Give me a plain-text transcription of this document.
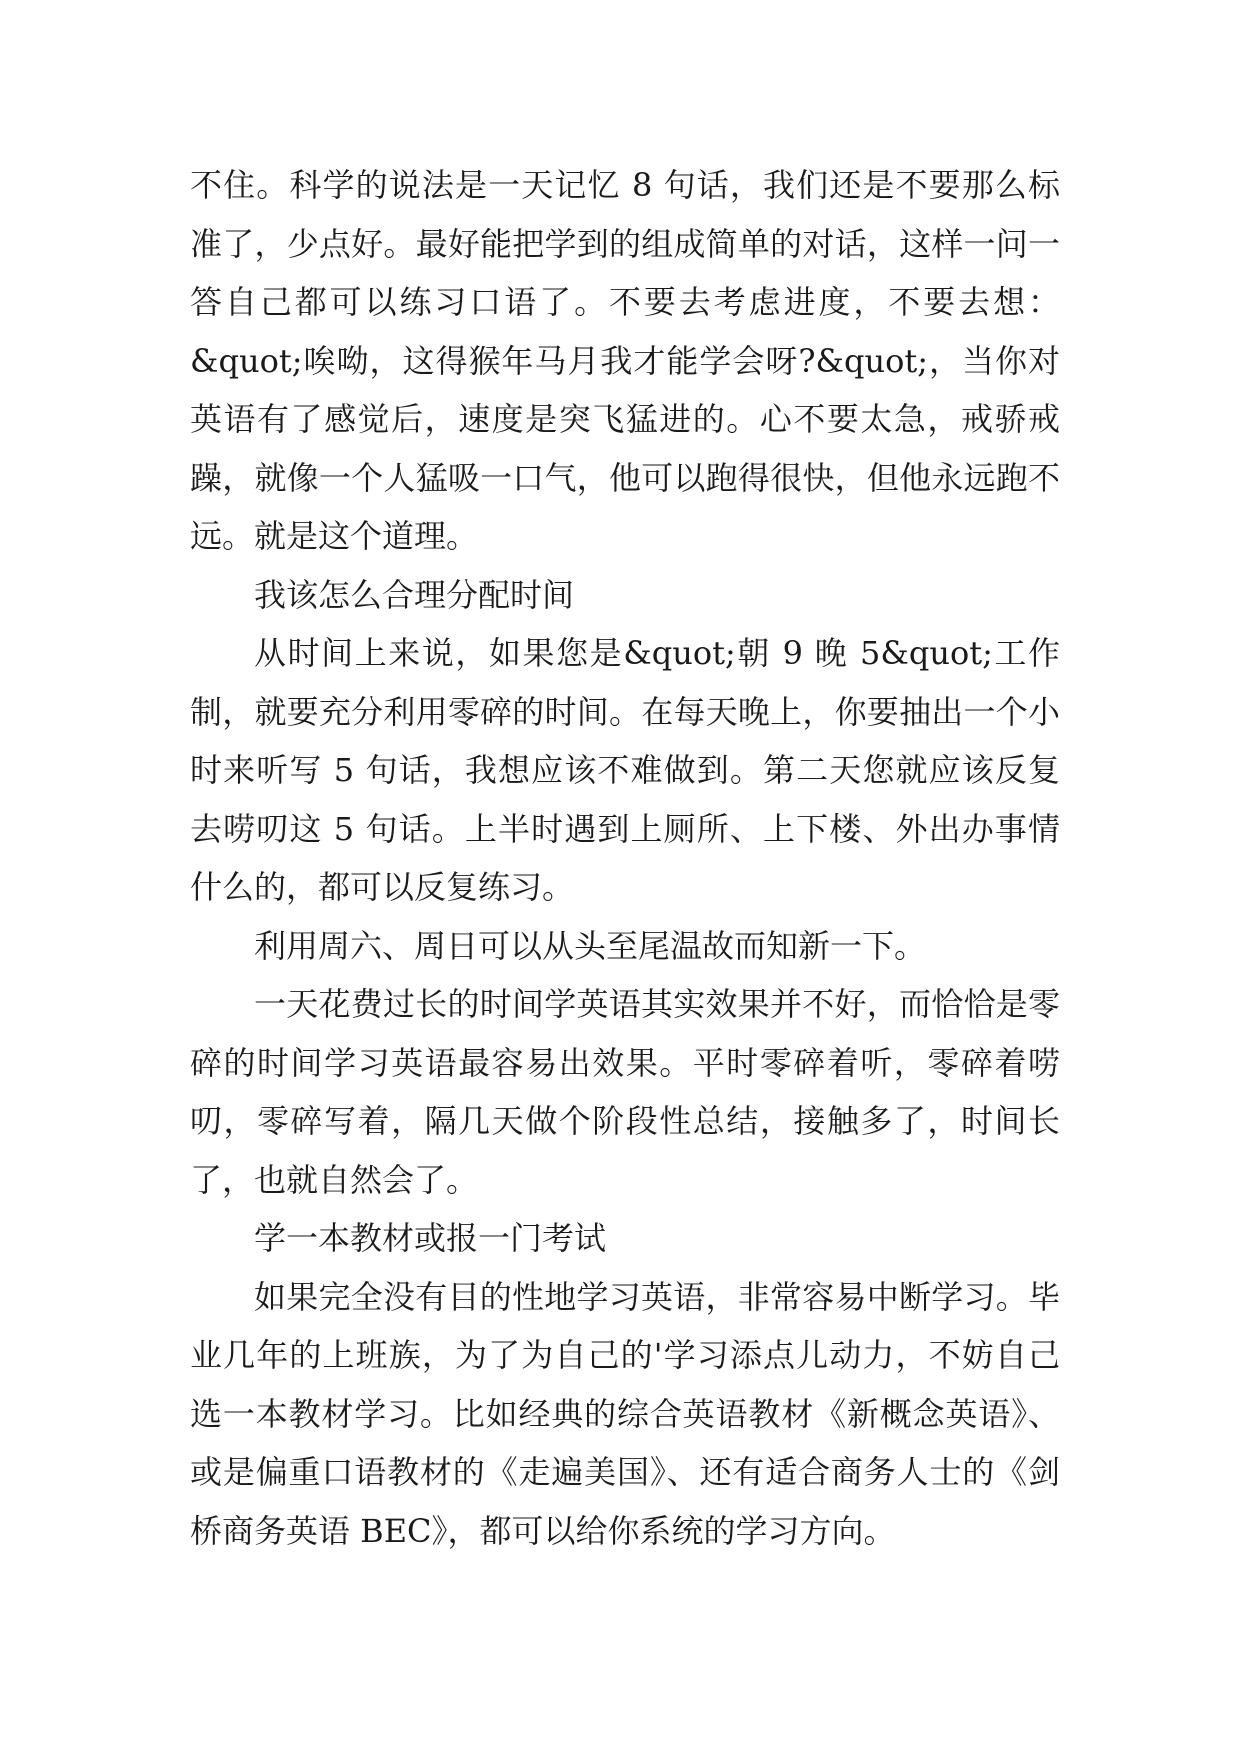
不住。科学的说法是一天记忆 8 句话，我们还是不要那么标准了，少点好。最好能把学到的组成简单的对话，这样一问一答自己都可以练习口语了。不要去考虑进度，不要去想：&quot;唉呦，这得猴年马月我才能学会呀?&quot;，当你对英语有了感觉后，速度是突飞猛进的。心不要太急，戒骄戒躁，就像一个人猛吸一口气，他可以跑得很快，但他永远跑不远。就是这个道理。

我该怎么合理分配时间

从时间上来说，如果您是&quot;朝 9 晚 5&quot;工作制，就要充分利用零碎的时间。在每天晚上，你要抽出一个小时来听写 5 句话，我想应该不难做到。第二天您就应该反复去唠叨这 5 句话。上半时遇到上厕所、上下楼、外出办事情什么的，都可以反复练习。

利用周六、周日可以从头至尾温故而知新一下。

一天花费过长的时间学英语其实效果并不好，而恰恰是零碎的时间学习英语最容易出效果。平时零碎着听，零碎着唠叨，零碎写着，隔几天做个阶段性总结，接触多了，时间长了，也就自然会了。

学一本教材或报一门考试

如果完全没有目的性地学习英语，非常容易中断学习。毕业几年的上班族，为了为自己的'学习添点儿动力，不妨自己选一本教材学习。比如经典的综合英语教材《新概念英语》、或是偏重口语教材的《走遍美国》、还有适合商务人士的《剑桥商务英语 BEC》，都可以给你系统的学习方向。
